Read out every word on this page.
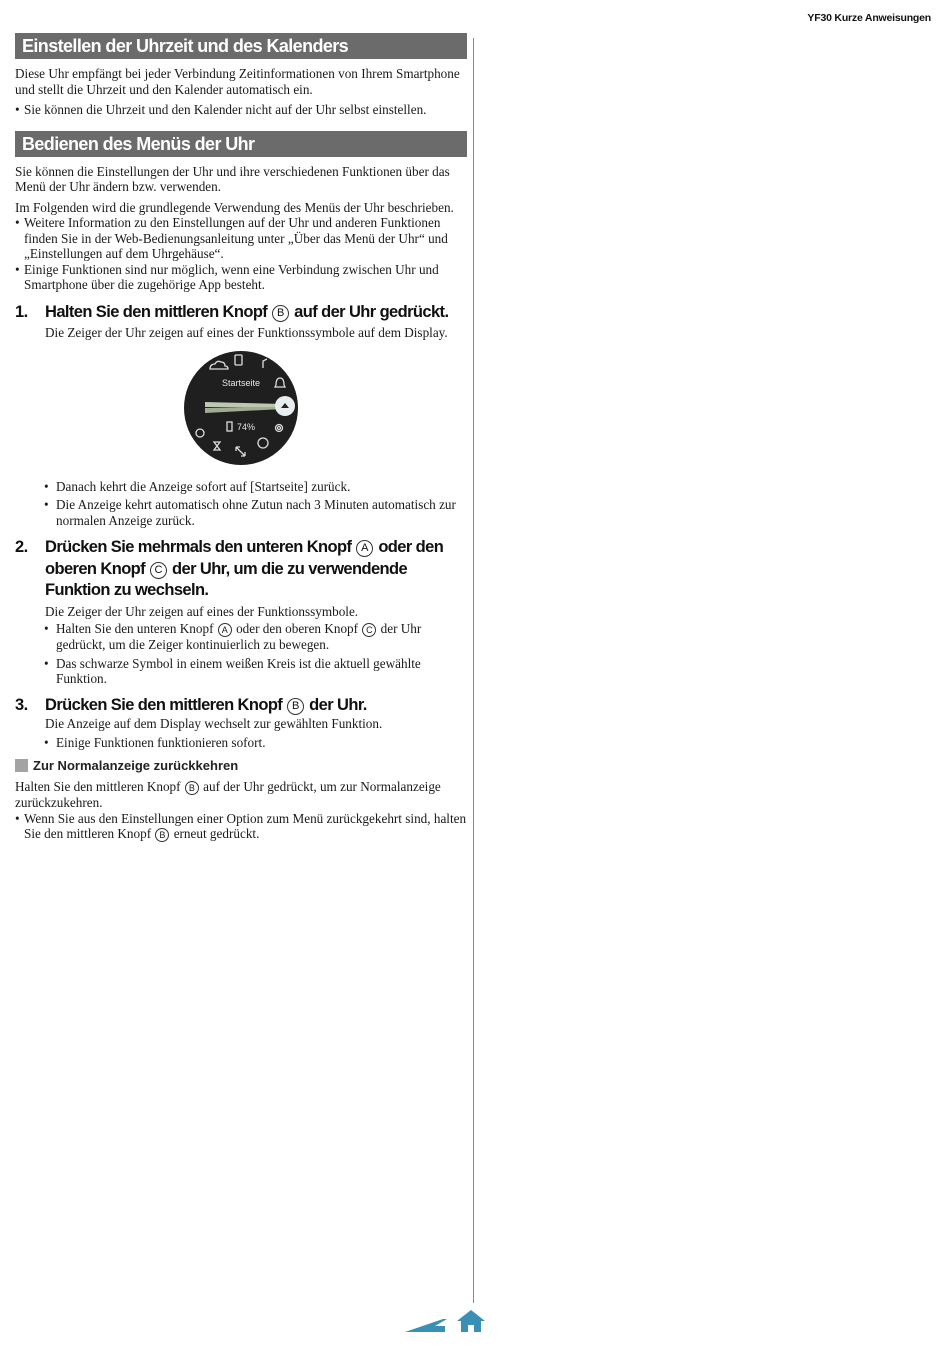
YF30 Kurze Anweisungen
Einstellen der Uhrzeit und des Kalenders

Diese Uhr empfängt bei jeder Verbindung Zeitinformationen von Ihrem Smartphone und stellt die Uhrzeit und den Kalender automatisch ein.

• Sie können die Uhrzeit und den Kalender nicht auf der Uhr selbst einstellen.

Bedienen des Menüs der Uhr

Sie können die Einstellungen der Uhr und ihre verschiedenen Funktionen über das Menü der Uhr ändern bzw. verwenden.

Im Folgenden wird die grundlegende Verwendung des Menüs der Uhr beschrieben.

• Weitere Information zu den Einstellungen auf der Uhr und anderen Funktionen finden Sie in der Web-Bedienungsanleitung unter „Über das Menü der Uhr“ und „Einstellungen auf dem Uhrgehäuse“.

• Einige Funktionen sind nur möglich, wenn eine Verbindung zwischen Uhr und Smartphone über die zugehörige App besteht.

1. Halten Sie den mittleren Knopf B auf der Uhr gedrückt.

Die Zeiger der Uhr zeigen auf eines der Funktionssymbole auf dem Display.

Startseite
74%

• Danach kehrt die Anzeige sofort auf [Startseite] zurück.

• Die Anzeige kehrt automatisch ohne Zutun nach 3 Minuten automatisch zur normalen Anzeige zurück.

2. Drücken Sie mehrmals den unteren Knopf A oder den oberen Knopf C der Uhr, um die zu verwendende Funktion zu wechseln.

Die Zeiger der Uhr zeigen auf eines der Funktionssymbole.

• Halten Sie den unteren Knopf A oder den oberen Knopf C der Uhr gedrückt, um die Zeiger kontinuierlich zu bewegen.

• Das schwarze Symbol in einem weißen Kreis ist die aktuell gewählte Funktion.

3. Drücken Sie den mittleren Knopf B der Uhr.

Die Anzeige auf dem Display wechselt zur gewählten Funktion.

• Einige Funktionen funktionieren sofort.

Zur Normalanzeige zurückkehren

Halten Sie den mittleren Knopf B auf der Uhr gedrückt, um zur Normalanzeige zurückzukehren.

• Wenn Sie aus den Einstellungen einer Option zum Menü zurückgekehrt sind, halten Sie den mittleren Knopf B erneut gedrückt.
